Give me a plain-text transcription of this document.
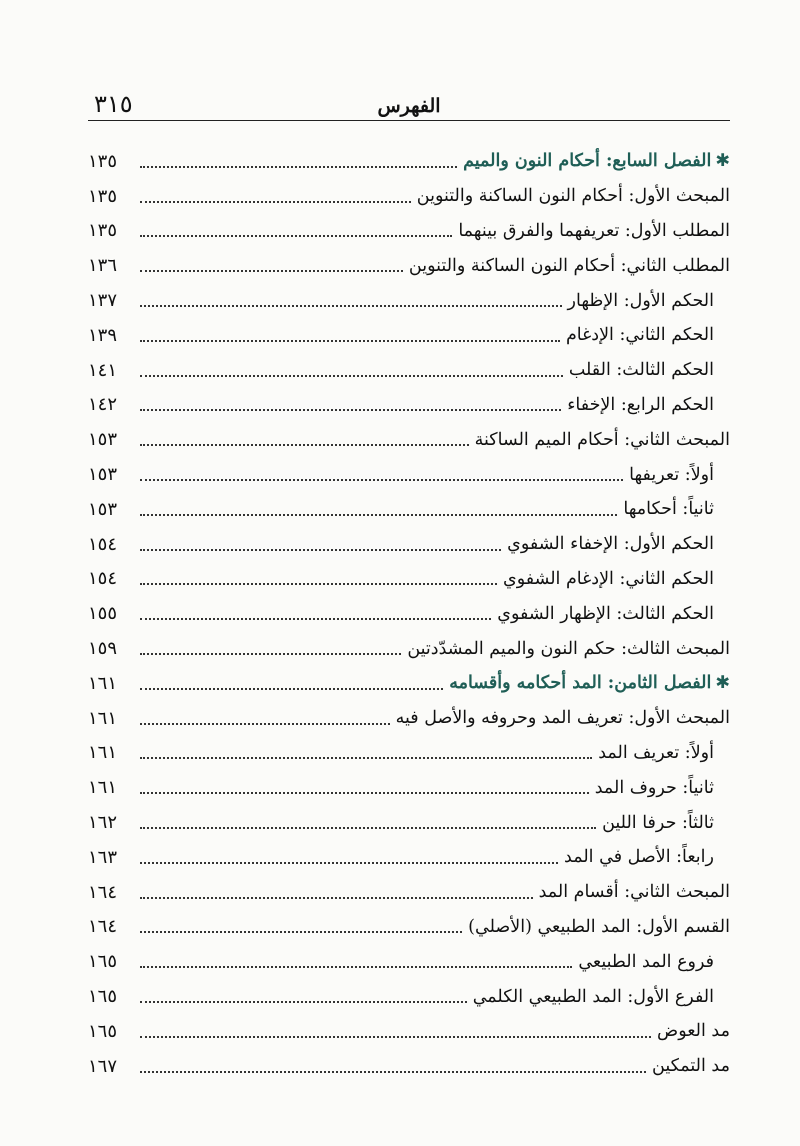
الفهرس
٣١٥
✱
الفصل السابع: أحكام النون والميم
١٣٥
المبحث الأول: أحكام النون الساكنة والتنوين
١٣٥
المطلب الأول: تعريفهما والفرق بينهما
١٣٥
المطلب الثاني: أحكام النون الساكنة والتنوين
١٣٦
الحكم الأول: الإظهار
١٣٧
الحكم الثاني: الإدغام
١٣٩
الحكم الثالث: القلب
١٤١
الحكم الرابع: الإخفاء
١٤٢
المبحث الثاني: أحكام الميم الساكنة
١٥٣
أولاً: تعريفها
١٥٣
ثانياً: أحكامها
١٥٣
الحكم الأول: الإخفاء الشفوي
١٥٤
الحكم الثاني: الإدغام الشفوي
١٥٤
الحكم الثالث: الإظهار الشفوي
١٥٥
المبحث الثالث: حكم النون والميم المشدّدتين
١٥٩
✱
الفصل الثامن: المد أحكامه وأقسامه
١٦١
المبحث الأول: تعريف المد وحروفه والأصل فيه
١٦١
أولاً: تعريف المد
١٦١
ثانياً: حروف المد
١٦١
ثالثاً: حرفا اللين
١٦٢
رابعاً: الأصل في المد
١٦٣
المبحث الثاني: أقسام المد
١٦٤
القسم الأول: المد الطبيعي (الأصلي)
١٦٤
فروع المد الطبيعي
١٦٥
الفرع الأول: المد الطبيعي الكلمي
١٦٥
مد العوض
١٦٥
مد التمكين
١٦٧
